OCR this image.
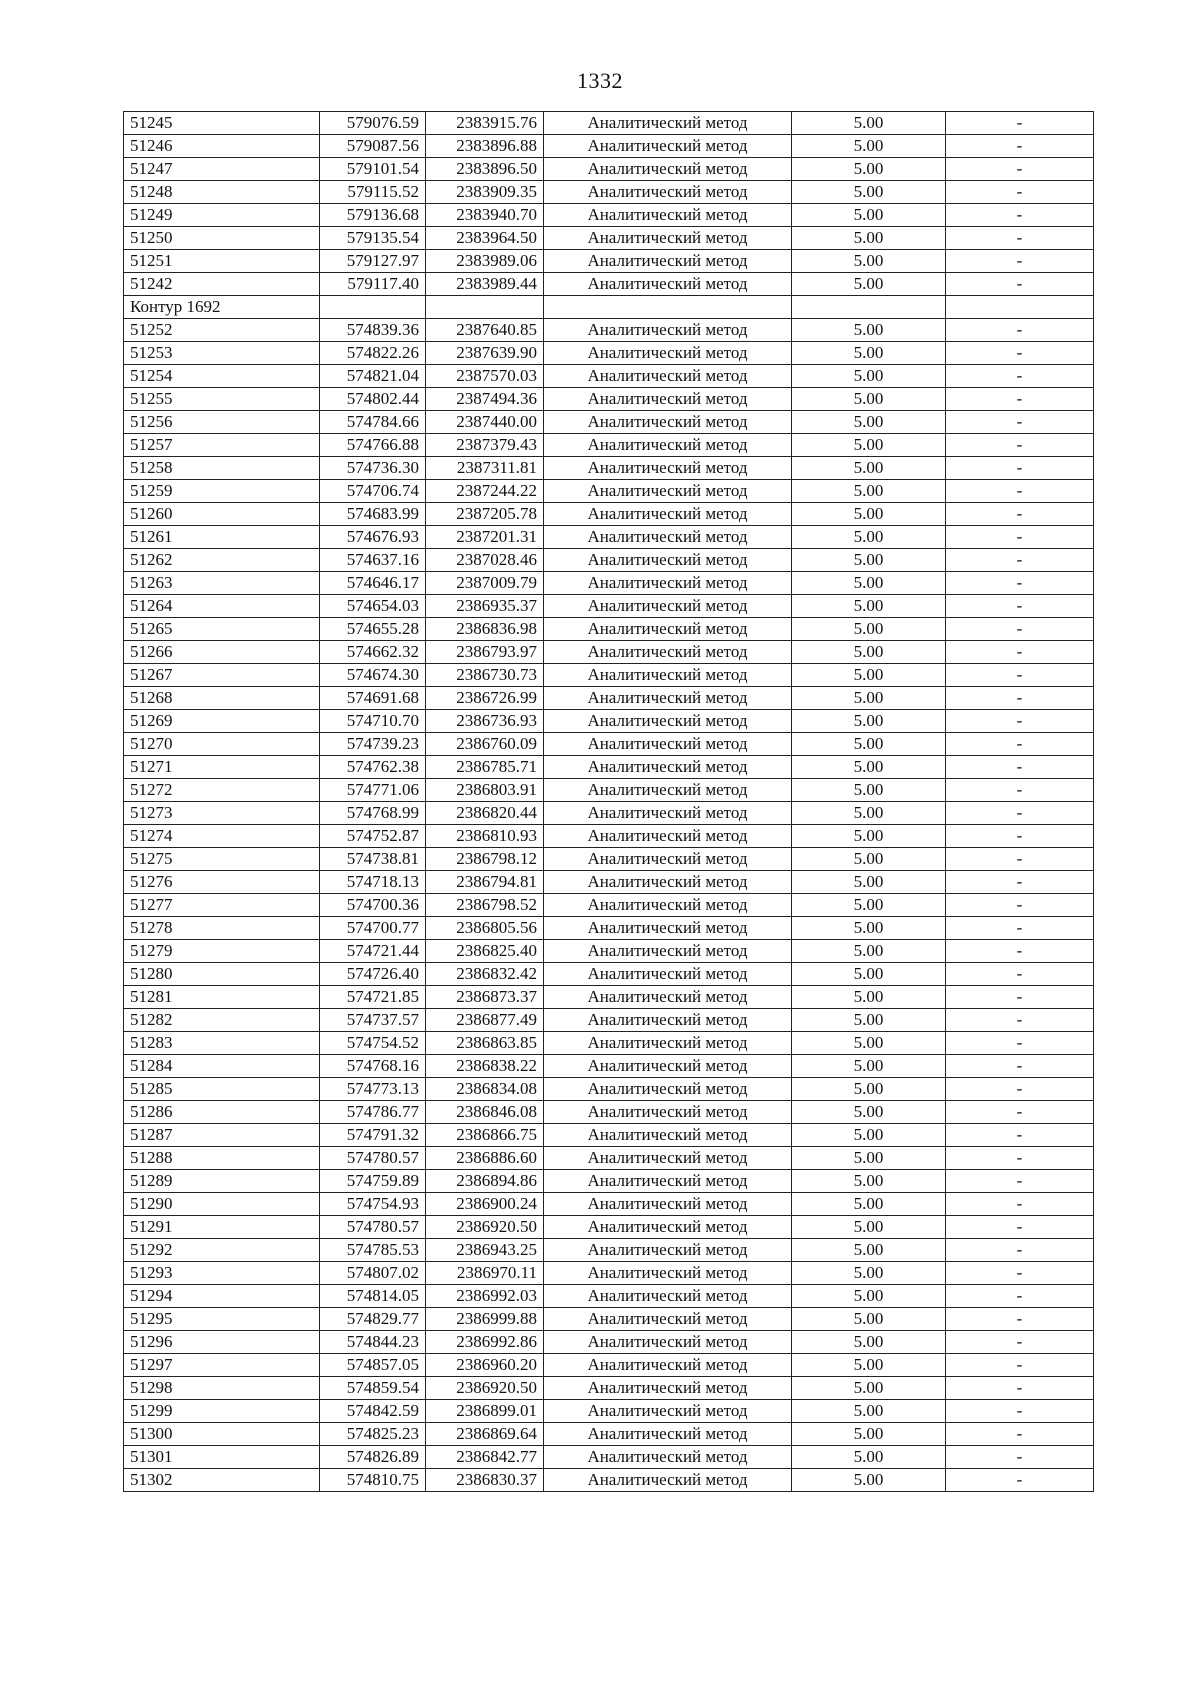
1332
51245	579076.59	2383915.76	Аналитический метод	5.00	-
51246	579087.56	2383896.88	Аналитический метод	5.00	-
51247	579101.54	2383896.50	Аналитический метод	5.00	-
51248	579115.52	2383909.35	Аналитический метод	5.00	-
51249	579136.68	2383940.70	Аналитический метод	5.00	-
51250	579135.54	2383964.50	Аналитический метод	5.00	-
51251	579127.97	2383989.06	Аналитический метод	5.00	-
51242	579117.40	2383989.44	Аналитический метод	5.00	-
Контур 1692					
51252	574839.36	2387640.85	Аналитический метод	5.00	-
51253	574822.26	2387639.90	Аналитический метод	5.00	-
51254	574821.04	2387570.03	Аналитический метод	5.00	-
51255	574802.44	2387494.36	Аналитический метод	5.00	-
51256	574784.66	2387440.00	Аналитический метод	5.00	-
51257	574766.88	2387379.43	Аналитический метод	5.00	-
51258	574736.30	2387311.81	Аналитический метод	5.00	-
51259	574706.74	2387244.22	Аналитический метод	5.00	-
51260	574683.99	2387205.78	Аналитический метод	5.00	-
51261	574676.93	2387201.31	Аналитический метод	5.00	-
51262	574637.16	2387028.46	Аналитический метод	5.00	-
51263	574646.17	2387009.79	Аналитический метод	5.00	-
51264	574654.03	2386935.37	Аналитический метод	5.00	-
51265	574655.28	2386836.98	Аналитический метод	5.00	-
51266	574662.32	2386793.97	Аналитический метод	5.00	-
51267	574674.30	2386730.73	Аналитический метод	5.00	-
51268	574691.68	2386726.99	Аналитический метод	5.00	-
51269	574710.70	2386736.93	Аналитический метод	5.00	-
51270	574739.23	2386760.09	Аналитический метод	5.00	-
51271	574762.38	2386785.71	Аналитический метод	5.00	-
51272	574771.06	2386803.91	Аналитический метод	5.00	-
51273	574768.99	2386820.44	Аналитический метод	5.00	-
51274	574752.87	2386810.93	Аналитический метод	5.00	-
51275	574738.81	2386798.12	Аналитический метод	5.00	-
51276	574718.13	2386794.81	Аналитический метод	5.00	-
51277	574700.36	2386798.52	Аналитический метод	5.00	-
51278	574700.77	2386805.56	Аналитический метод	5.00	-
51279	574721.44	2386825.40	Аналитический метод	5.00	-
51280	574726.40	2386832.42	Аналитический метод	5.00	-
51281	574721.85	2386873.37	Аналитический метод	5.00	-
51282	574737.57	2386877.49	Аналитический метод	5.00	-
51283	574754.52	2386863.85	Аналитический метод	5.00	-
51284	574768.16	2386838.22	Аналитический метод	5.00	-
51285	574773.13	2386834.08	Аналитический метод	5.00	-
51286	574786.77	2386846.08	Аналитический метод	5.00	-
51287	574791.32	2386866.75	Аналитический метод	5.00	-
51288	574780.57	2386886.60	Аналитический метод	5.00	-
51289	574759.89	2386894.86	Аналитический метод	5.00	-
51290	574754.93	2386900.24	Аналитический метод	5.00	-
51291	574780.57	2386920.50	Аналитический метод	5.00	-
51292	574785.53	2386943.25	Аналитический метод	5.00	-
51293	574807.02	2386970.11	Аналитический метод	5.00	-
51294	574814.05	2386992.03	Аналитический метод	5.00	-
51295	574829.77	2386999.88	Аналитический метод	5.00	-
51296	574844.23	2386992.86	Аналитический метод	5.00	-
51297	574857.05	2386960.20	Аналитический метод	5.00	-
51298	574859.54	2386920.50	Аналитический метод	5.00	-
51299	574842.59	2386899.01	Аналитический метод	5.00	-
51300	574825.23	2386869.64	Аналитический метод	5.00	-
51301	574826.89	2386842.77	Аналитический метод	5.00	-
51302	574810.75	2386830.37	Аналитический метод	5.00	-
